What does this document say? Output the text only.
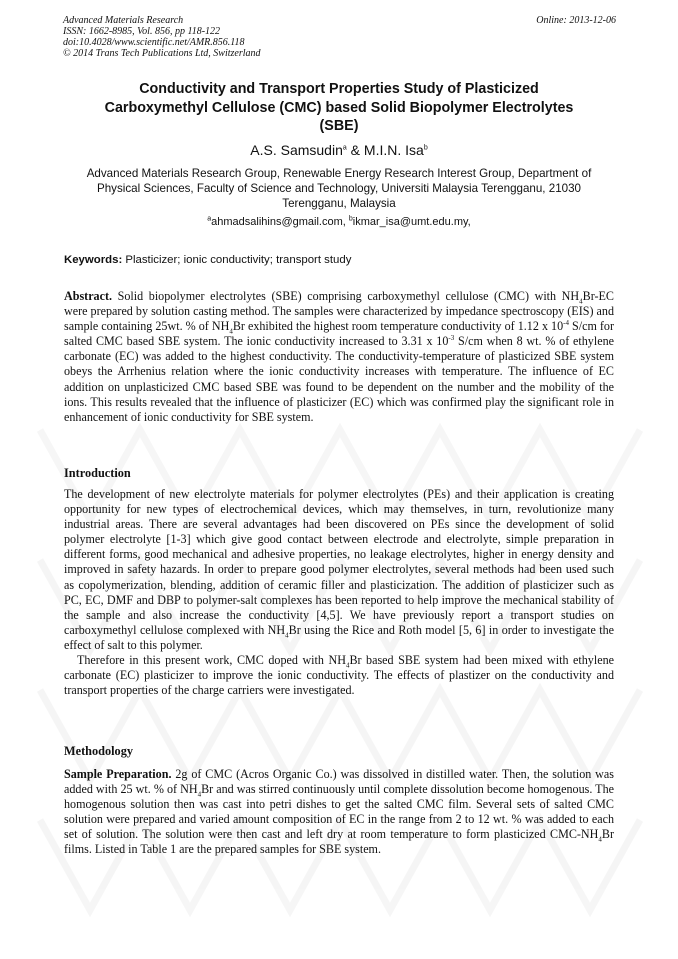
Advanced Materials Research
ISSN: 1662-8985, Vol. 856, pp 118-122
doi:10.4028/www.scientific.net/AMR.856.118
© 2014 Trans Tech Publications Ltd, Switzerland
Online: 2013-12-06
Conductivity and Transport Properties Study of Plasticized
Carboxymethyl Cellulose (CMC) based Solid Biopolymer Electrolytes
(SBE)
A.S. Samsudin$^a$ & M.I.N. Isa$^b$
Advanced Materials Research Group, Renewable Energy Research Interest Group, Department of
Physical Sciences, Faculty of Science and Technology, Universiti Malaysia Terengganu, 21030
Terengganu, Malaysia
$^a$ahmadsalihins@gmail.com, $^b$ikmar_isa@umt.edu.my,
Keywords: Plasticizer; ionic conductivity; transport study
Abstract. Solid biopolymer electrolytes (SBE) comprising carboxymethyl cellulose (CMC) with $NH_4Br-EC$ were prepared by solution casting method. The samples were characterized by impedance spectroscopy (EIS) and sample containing 25wt. % of $NH_4Br$ exhibited the highest room temperature conductivity of 1.12 x $10^{-4}$ S/cm for salted CMC based SBE system. The ionic conductivity increased to 3.31 x $10^{-3}$ S/cm when 8 wt. % of ethylene carbonate (EC) was added to the highest conductivity. The conductivity-temperature of plasticized SBE system obeys the Arrhenius relation where the ionic conductivity increases with temperature. The influence of EC addition on unplasticized CMC based SBE was found to be dependent on the number and the mobility of the ions. This results revealed that the influence of plasticizer (EC) which was confirmed play the significant role in enhancement of ionic conductivity for SBE system.
Introduction
The development of new electrolyte materials for polymer electrolytes (PEs) and their application is creating opportunity for new types of electrochemical devices, which may themselves, in turn, revolutionize many industrial areas. There are several advantages had been discovered on PEs since the development of solid polymer electrolyte [1-3] which give good contact between electrode and electrolyte, simple preparation in different forms, good mechanical and adhesive properties, no leakage electrolytes, higher in energy density and improved in safety hazards. In order to prepare good polymer electrolytes, several methods had been used such as copolymerization, blending, addition of ceramic filler and plasticization. The addition of plasticizer such as PC, EC, DMF and DBP to polymer-salt complexes has been reported to help improve the mechanical stability of the sample and also increase the conductivity [4,5]. We have previously report a transport studies on carboxymethyl cellulose complexed with $NH_4Br$ using the Rice and Roth model [5, 6] in order to investigate the effect of salt to this polymer.
Therefore in this present work, CMC doped with $NH_4Br$ based SBE system had been mixed with ethylene carbonate (EC) plasticizer to improve the ionic conductivity. The effects of plastizer on the conductivity and transport properties of the charge carriers were investigated.
Methodology
Sample Preparation. 2g of CMC (Acros Organic Co.) was dissolved in distilled water. Then, the solution was added with 25 wt. % of $NH_4Br$ and was stirred continuously until complete dissolution become homogenous. The homogenous solution then was cast into petri dishes to get the salted CMC film. Several sets of salted CMC solution were prepared and varied amount composition of EC in the range from 2 to 12 wt. % was added to each set of solution. The solution were then cast and left dry at room temperature to form plasticized CMC-$NH_4Br$ films. Listed in Table 1 are the prepared samples for SBE system.
